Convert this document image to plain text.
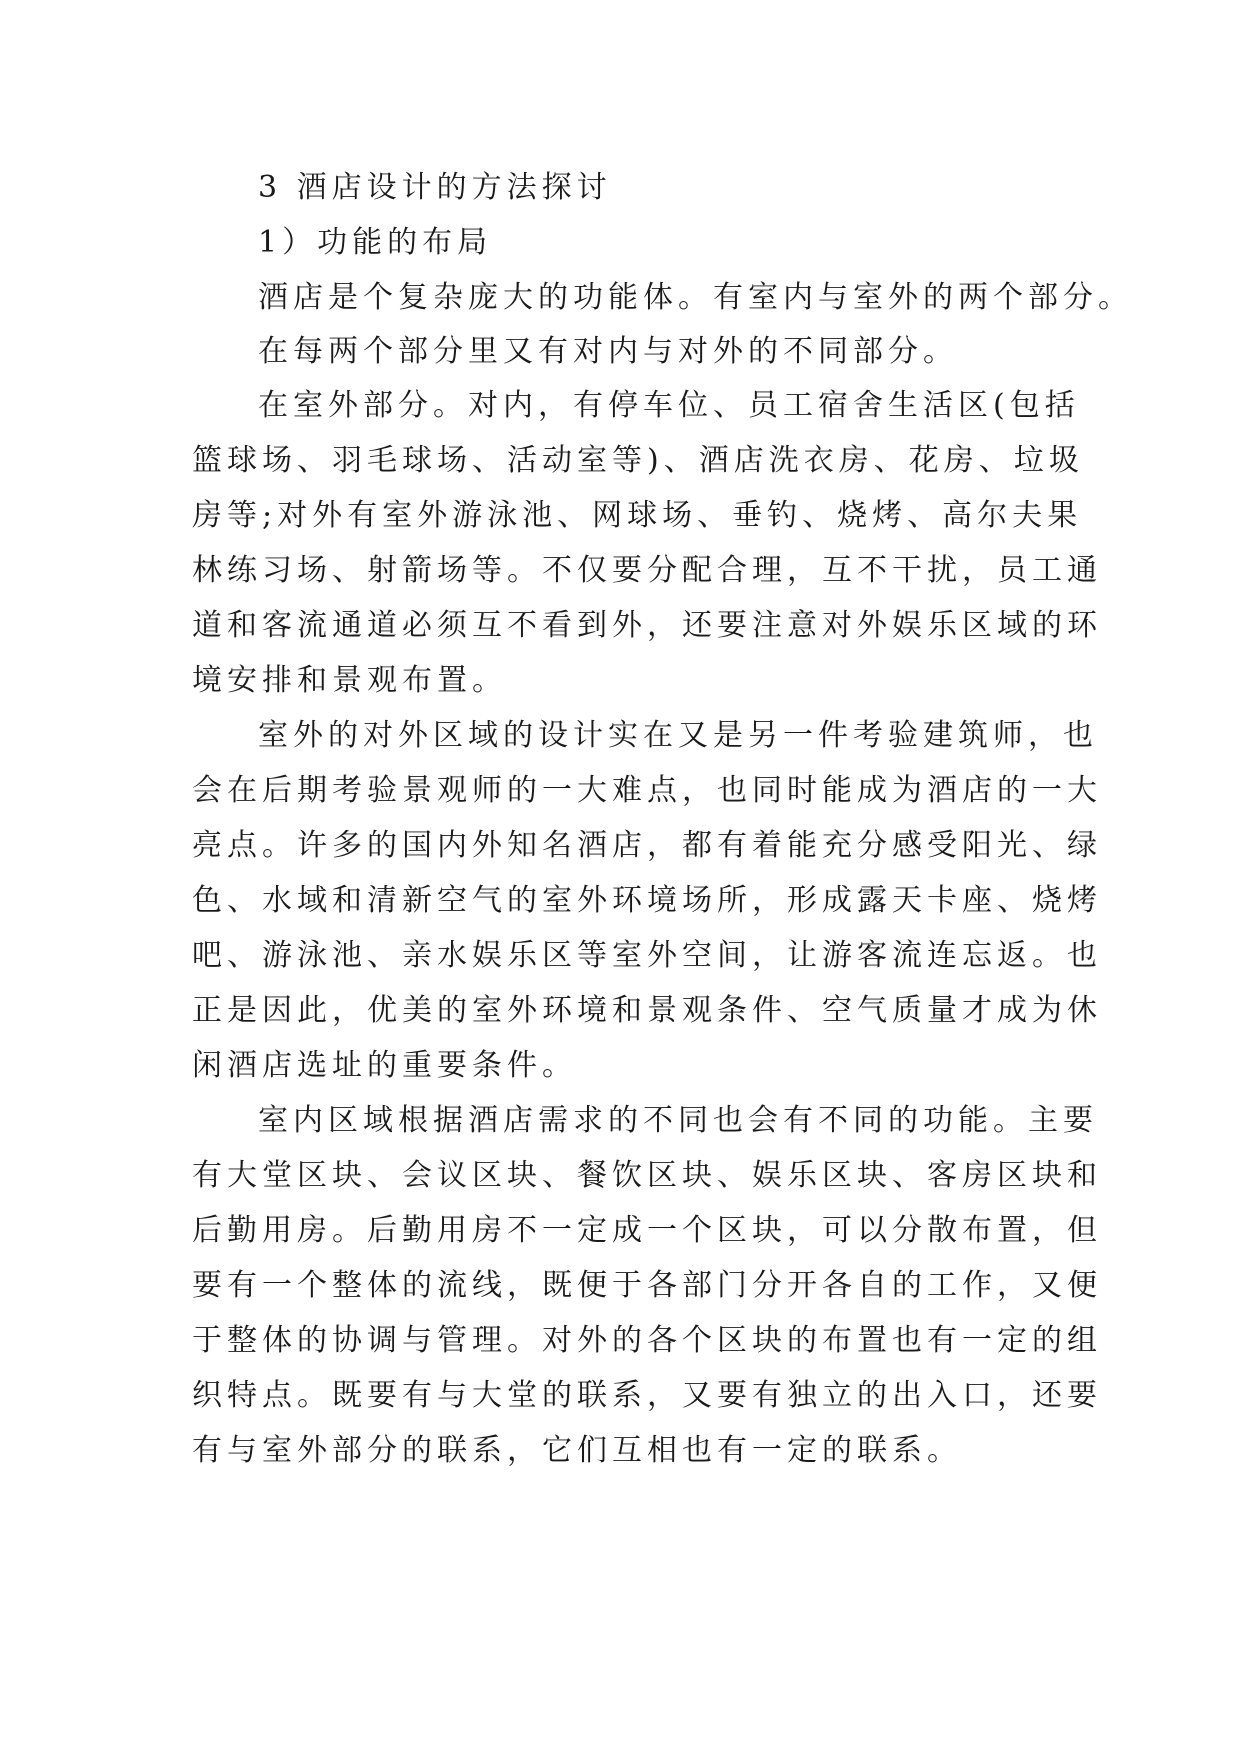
3 酒店设计的方法探讨
1）功能的布局
酒店是个复杂庞大的功能体。有室内与室外的两个部分。
在每两个部分里又有对内与对外的不同部分。
在室外部分。对内，有停车位、员工宿舍生活区(包括
篮球场、羽毛球场、活动室等)、酒店洗衣房、花房、垃圾
房等;对外有室外游泳池、网球场、垂钓、烧烤、高尔夫果
林练习场、射箭场等。不仅要分配合理，互不干扰，员工通
道和客流通道必须互不看到外，还要注意对外娱乐区域的环
境安排和景观布置。
室外的对外区域的设计实在又是另一件考验建筑师，也
会在后期考验景观师的一大难点，也同时能成为酒店的一大
亮点。许多的国内外知名酒店，都有着能充分感受阳光、绿
色、水域和清新空气的室外环境场所，形成露天卡座、烧烤
吧、游泳池、亲水娱乐区等室外空间，让游客流连忘返。也
正是因此，优美的室外环境和景观条件、空气质量才成为休
闲酒店选址的重要条件。
室内区域根据酒店需求的不同也会有不同的功能。主要
有大堂区块、会议区块、餐饮区块、娱乐区块、客房区块和
后勤用房。后勤用房不一定成一个区块，可以分散布置，但
要有一个整体的流线，既便于各部门分开各自的工作，又便
于整体的协调与管理。对外的各个区块的布置也有一定的组
织特点。既要有与大堂的联系，又要有独立的出入口，还要
有与室外部分的联系，它们互相也有一定的联系。
